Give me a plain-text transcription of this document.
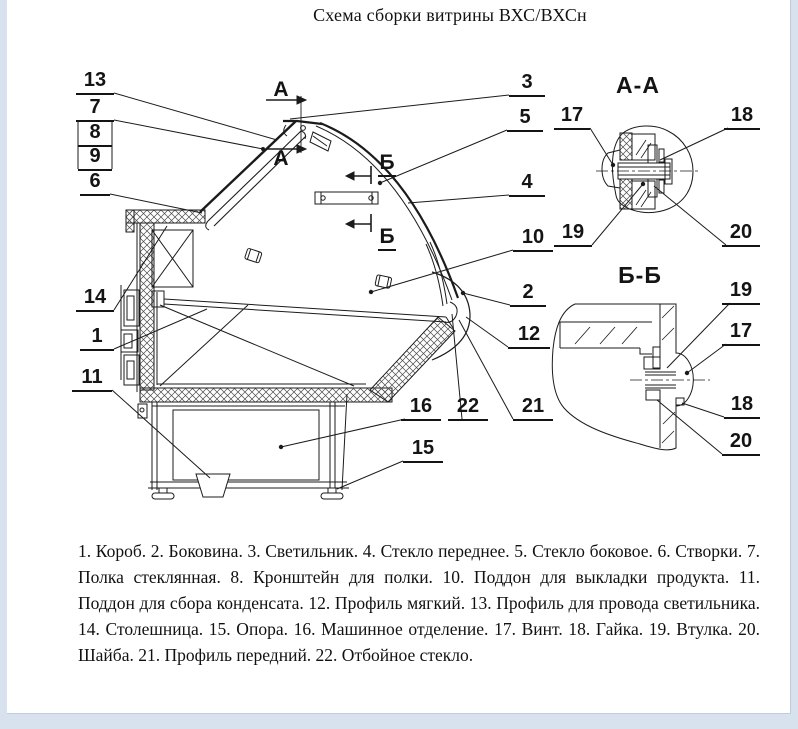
Схема сборки витрины ВХС/ВХСн
13
7
8
9
6
14
1
11
3
5
4
10
2
12
22	21
16
15
А
А	Б
Б
А-А
17	18
19	20
Б-Б
19
17
18
20
1. Короб. 2. Боковина. 3. Светильник. 4. Стекло переднее. 5. Стекло боковое. 6. Створки. 7. Полка стеклянная. 8. Кронштейн для полки. 10. Поддон для выкладки продукта. 11. Поддон для сбора конденсата. 12. Профиль мягкий. 13. Профиль для провода светильника. 14. Столешница. 15. Опора. 16. Машинное отделение. 17. Винт. 18. Гайка. 19. Втулка. 20. Шайба. 21. Профиль передний. 22. Отбойное стекло.
